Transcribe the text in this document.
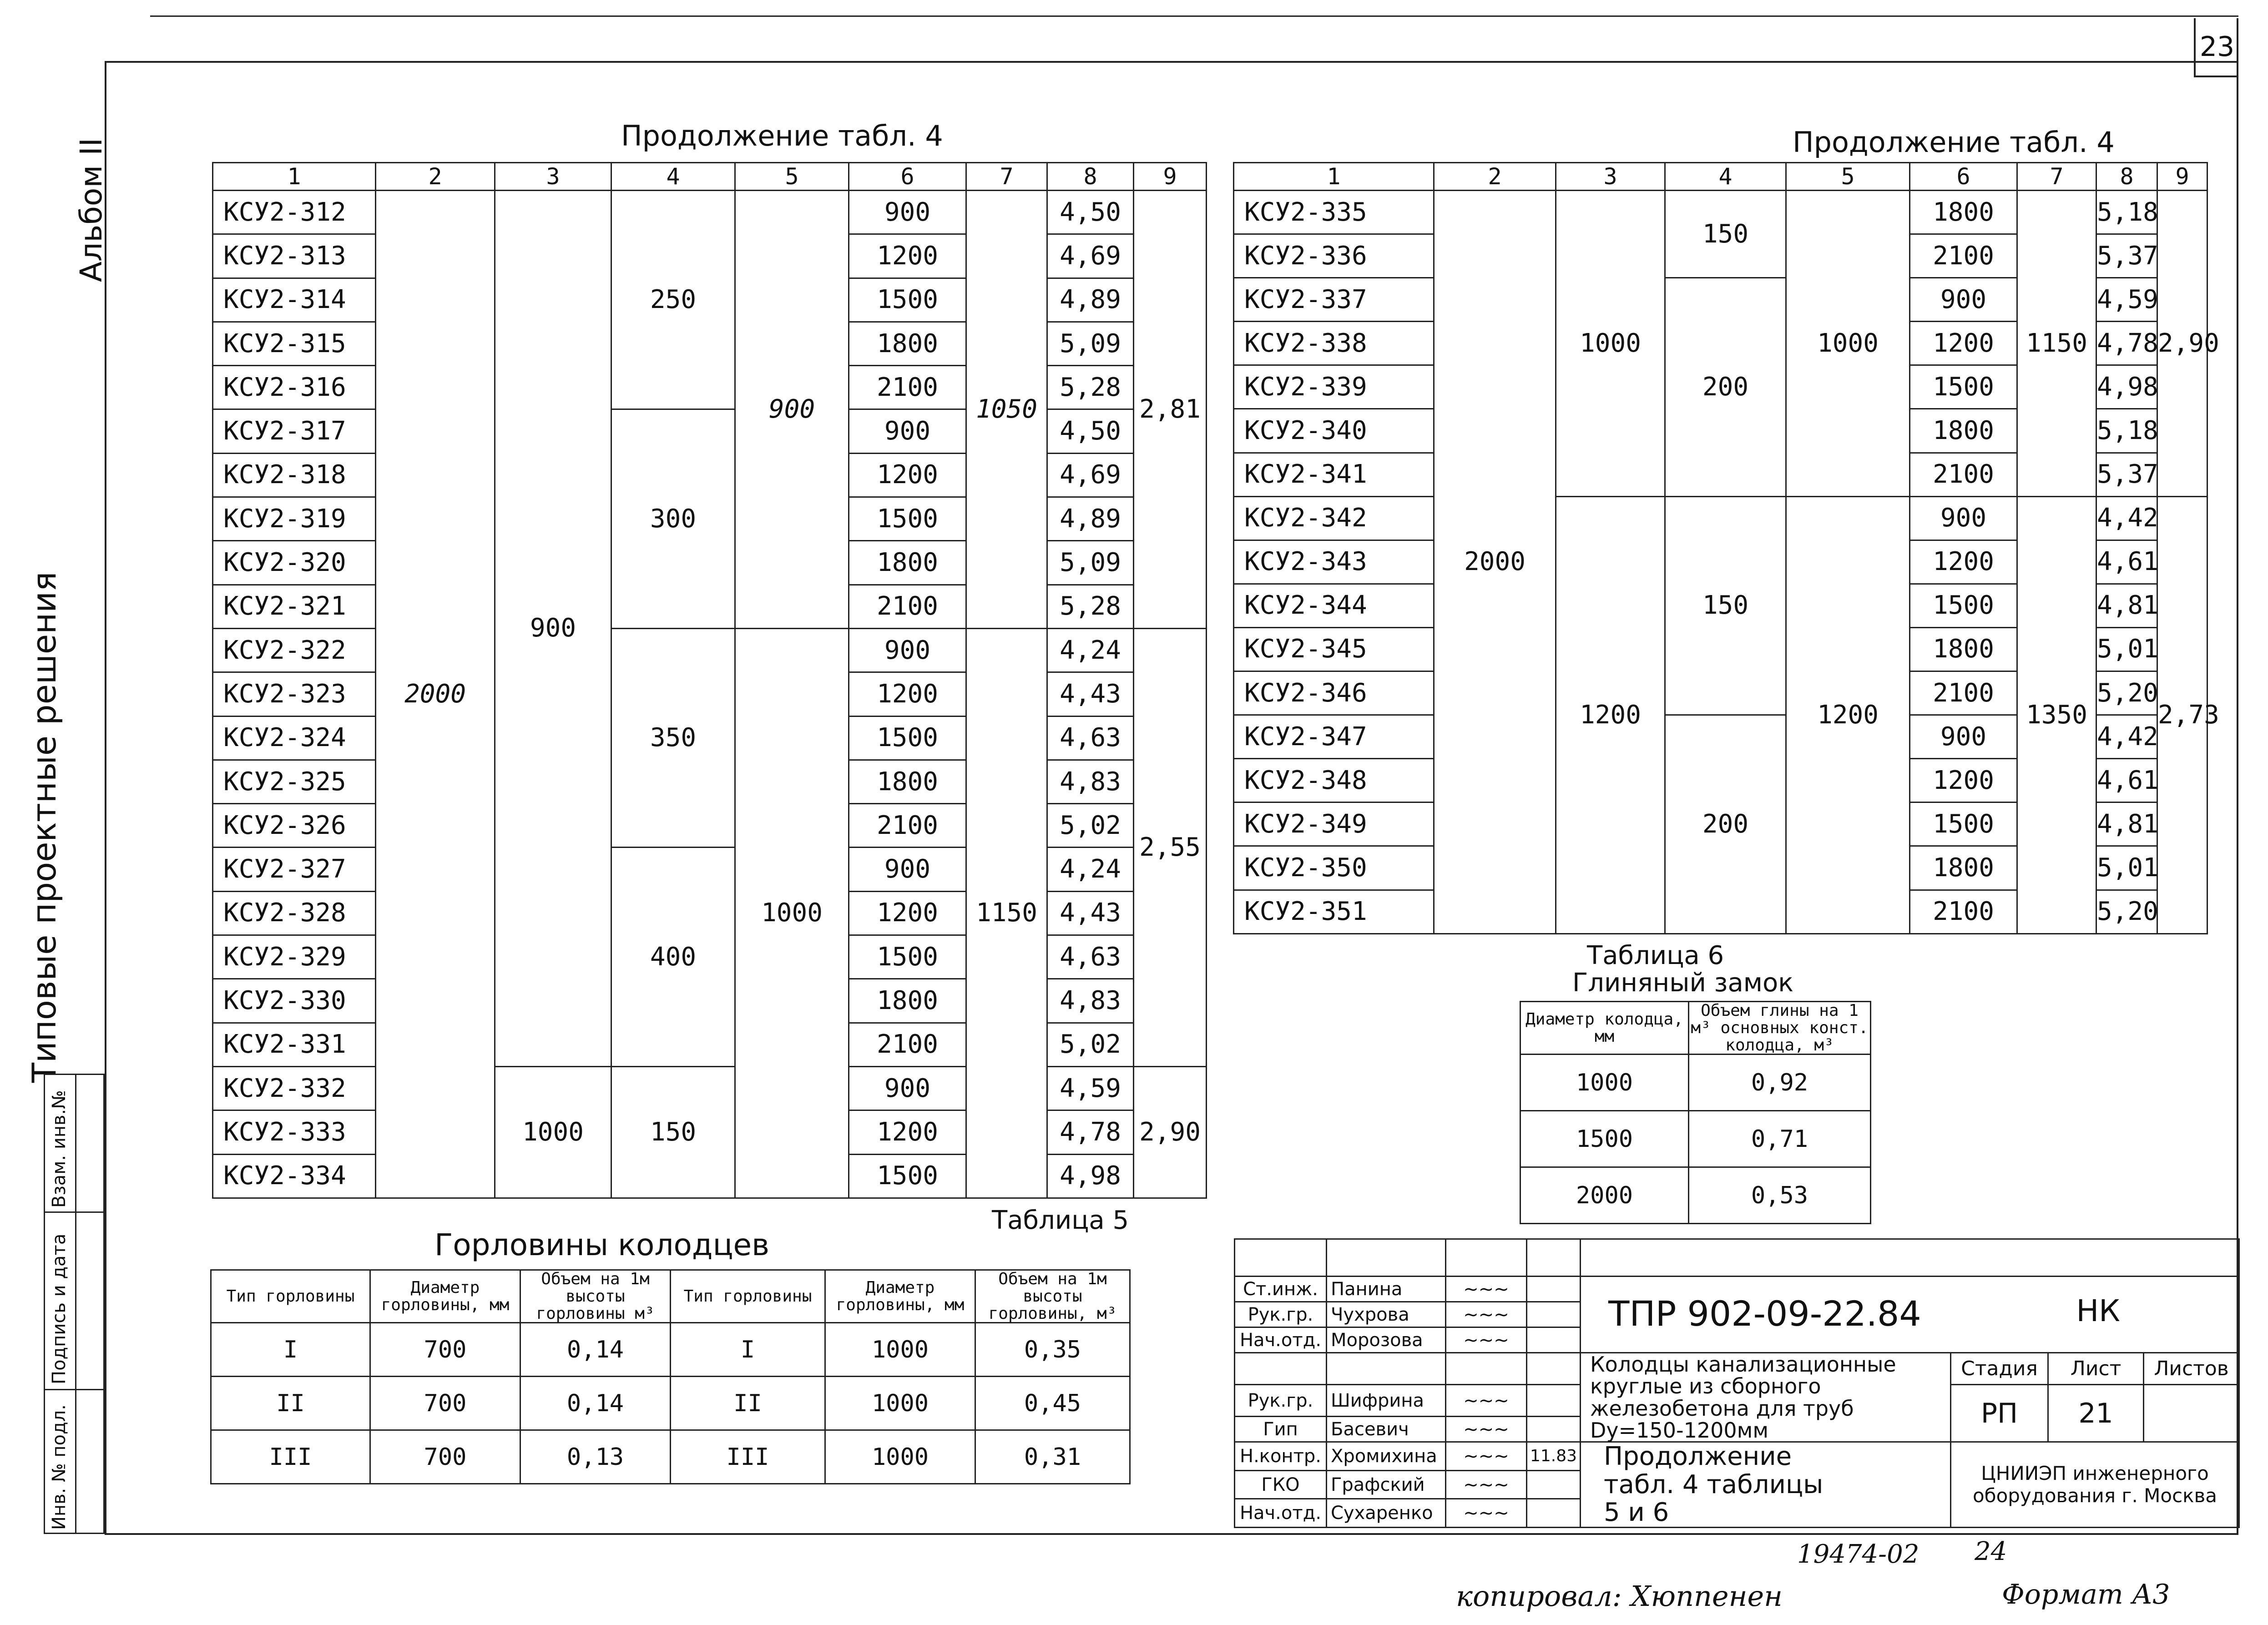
23
Альбом II
Типовые проектные решения
Взам. инв.№
Подпись и дата
Инв. № подл.
Продолжение табл. 4
1	2	3	4	5	6	7	8	9
КСУ2-312	2000	900	250	900	900	1050	4,50	2,81
КСУ2-313					1200		4,69	
КСУ2-314					1500		4,89	
КСУ2-315					1800		5,09	
КСУ2-316					2100		5,28	
КСУ2-317			300		900		4,50	
КСУ2-318					1200		4,69	
КСУ2-319					1500		4,89	
КСУ2-320					1800		5,09	
КСУ2-321					2100		5,28	
КСУ2-322			350	1000	900	1150	4,24	2,55
КСУ2-323					1200		4,43	
КСУ2-324					1500		4,63	
КСУ2-325					1800		4,83	
КСУ2-326					2100		5,02	
КСУ2-327			400		900		4,24	
КСУ2-328					1200		4,43	
КСУ2-329					1500		4,63	
КСУ2-330					1800		4,83	
КСУ2-331					2100		5,02	
КСУ2-332		1000	150		900		4,59	2,90
КСУ2-333					1200		4,78	
КСУ2-334					1500		4,98	
Продолжение табл. 4
1	2	3	4	5	6	7	8	9
КСУ2-335	2000	1000	150	1000	1800	1150	5,18	2,90
КСУ2-336					2100		5,37	
КСУ2-337			200		900		4,59	
КСУ2-338					1200		4,78	
КСУ2-339					1500		4,98	
КСУ2-340					1800		5,18	
КСУ2-341					2100		5,37	
КСУ2-342		1200	150	1200	900	1350	4,42	2,73
КСУ2-343					1200		4,61	
КСУ2-344					1500		4,81	
КСУ2-345					1800		5,01	
КСУ2-346					2100		5,20	
КСУ2-347			200		900		4,42	
КСУ2-348					1200		4,61	
КСУ2-349					1500		4,81	
КСУ2-350					1800		5,01	
КСУ2-351					2100		5,20	
Таблица 5
Горловины колодцев
Тип горловины	Диаметр горловины, мм	Объем на 1м высоты горловины м³	Тип горловины	Диаметр горловины, мм	Объем на 1м высоты горловины, м³
I	700	0,14	I	1000	0,35
II	700	0,14	II	1000	0,45
III	700	0,13	III	1000	0,31
Таблица 6
Глиняный замок
Диаметр колодца, мм	Объем глины на 1 м³ основных конст. колодца, м³
1000	0,92
1500	0,71
2000	0,53

Ст.инж.	Панина	~~~		ТПР 902-09-22.84 НК			

Рук.гр.	Чухрова	~~~					
Нач.отд.	Морозова	~~~					
				Колодцы канализационные круглые из сборного железобетона для труб Dу=150-1200мм	Стадия	Лист	Листов
Рук.гр.	Шифрина	~~~			РП	21	
Гип	Басевич	~~~					
Н.контр.	Хромихина	~~~	11.83	Продолжение табл. 4 таблицы 5 и 6	ЦНИИЭП инженерного оборудования г. Москва		
ГКО	Графский	~~~					
Нач.отд.	Сухаренко	~~~					
19474-02 24
копировал: Хюппенен	Формат А3
